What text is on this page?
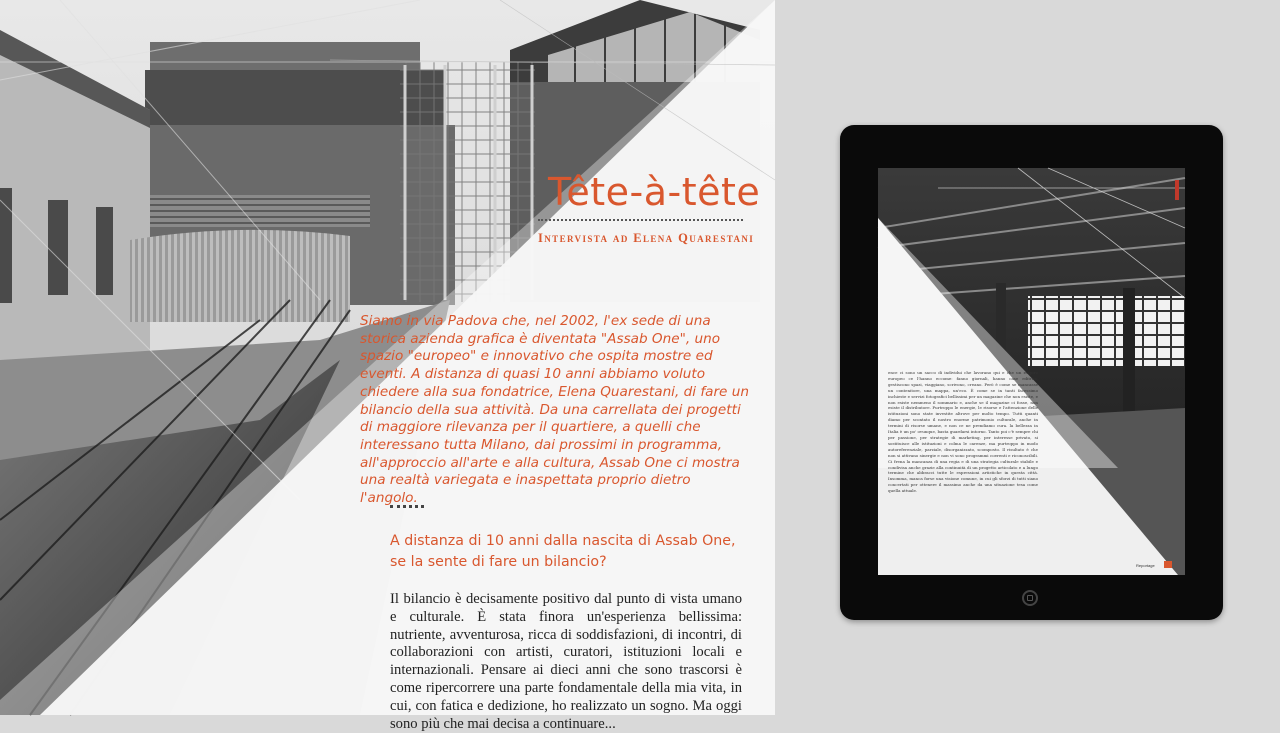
Tête-à-tête
Intervista ad Elena Quarestani

Siamo in via Padova che, nel 2002, l'ex sede di una storica azienda grafica è diventata "Assab One", uno spazio "europeo" e innovativo che ospita mostre ed eventi. A distanza di quasi 10 anni abbiamo voluto chiedere alla sua fondatrice, Elena Quarestani, di fare un bilancio della sua attività. Da una carrellata dei progetti di maggiore rilevanza per il quartiere, a quelli che interessano tutta Milano, dai prossimi in programma, all'approccio all'arte e alla cultura, Assab One ci mostra una realtà variegata e inaspettata proprio dietro l'angolo.

A distanza di 10 anni dalla nascita di Assab One, se la sente di fare un bilancio?

Il bilancio è decisamente positivo dal punto di vista umano e culturale. È stata finora un'esperienza bellissima: nutriente, avventurosa, ricca di soddisfazioni, di incontri, di collaborazioni con artisti, curatori, istituzioni locali e internazionali. Pensare ai dieci anni che sono trascorsi è come ripercorrere una parte fondamentale della mia vita, in cui, con fatica e dedizione, ho realizzato un sogno. Ma oggi sono più che mai decisa a continuare...

ence ci sono un sacco di individui che lavorano qui e che un respiro europeo ce l'hanno eccome: fanno giornali, hanno case editrici, gestiscono spazi, viaggiano, scrivono, creano. Però è come se mancasse un contenitore, una mappa, un'eco. È come se in tanti facessimo inchieste e servizi fotografici bellissimi per un magazine che non esiste, e non esiste nemmeno il sommario e, anche se il magazine ci fosse, non esiste il distributore. Purtroppo le energie, le risorse e l'attenzione delle istituzioni sono state investite altrove per molto tempo. Tutti quanti diamo per scontato il nostro enorme patrimonio culturale, anche in termini di risorse umane, e non ce ne prendiamo cura. la bellezza in Italia è un po' ovunque, basta guardarsi intorno. Tanto poi c'è sempre chi per passione, per strategie di marketing, per interesse privato, si sostituisce alle istituzioni e colma le carenze, ma purtroppo in modo autoreferenziale, parziale, disorganizzato, scomposto. Il risultato è che non si attivano sinergie e non vi sono programmi coerenti e riconoscibili. Ci frena la mancanza di una regia e di una strategia culturale stabile e condivisa anche grazie alla continuità di un progetto articolato e a lungo termine che abbracci tutte le espressioni artistiche in questa città. Insomma, manca forse una visione comune, in cui gli sforzi di tutti siano concertati per ottenere il massimo anche da una situazione tesa come quella attuale.

Reportage
